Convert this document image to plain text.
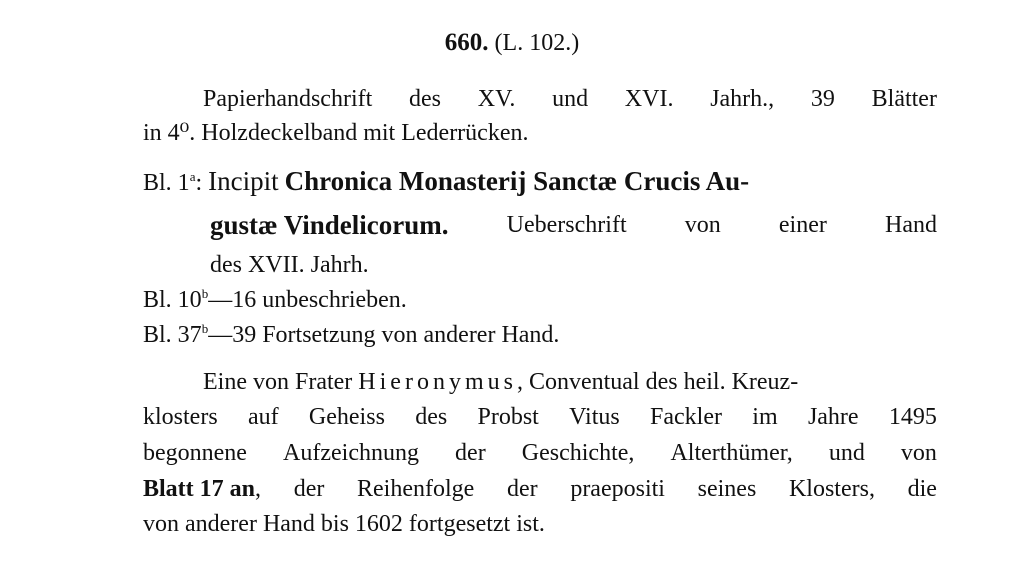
660. (L. 102.)
Papierhandschrift des XV. und XVI. Jahrh., 39 Blätter
in 4⁰. Holzdeckelband mit Lederrücken.
Bl. 1$^a$: Incipit Chronica Monasterij Sanctæ Crucis Au-
gustæ Vindelicorum. Ueberschrift von einer Hand
des XVII. Jahrh.
Bl. 10$^b$—16 unbeschrieben.
Bl. 37$^b$—39 Fortsetzung von anderer Hand.
Eine von Frater Hieronymus, Conventual des heil. Kreuz-
klosters auf Geheiss des Probst Vitus Fackler im Jahre 1495
begonnene Aufzeichnung der Geschichte, Alterthümer, und von
Blatt 17 an, der Reihenfolge der praepositi seines Klosters, die
von anderer Hand bis 1602 fortgesetzt ist.
